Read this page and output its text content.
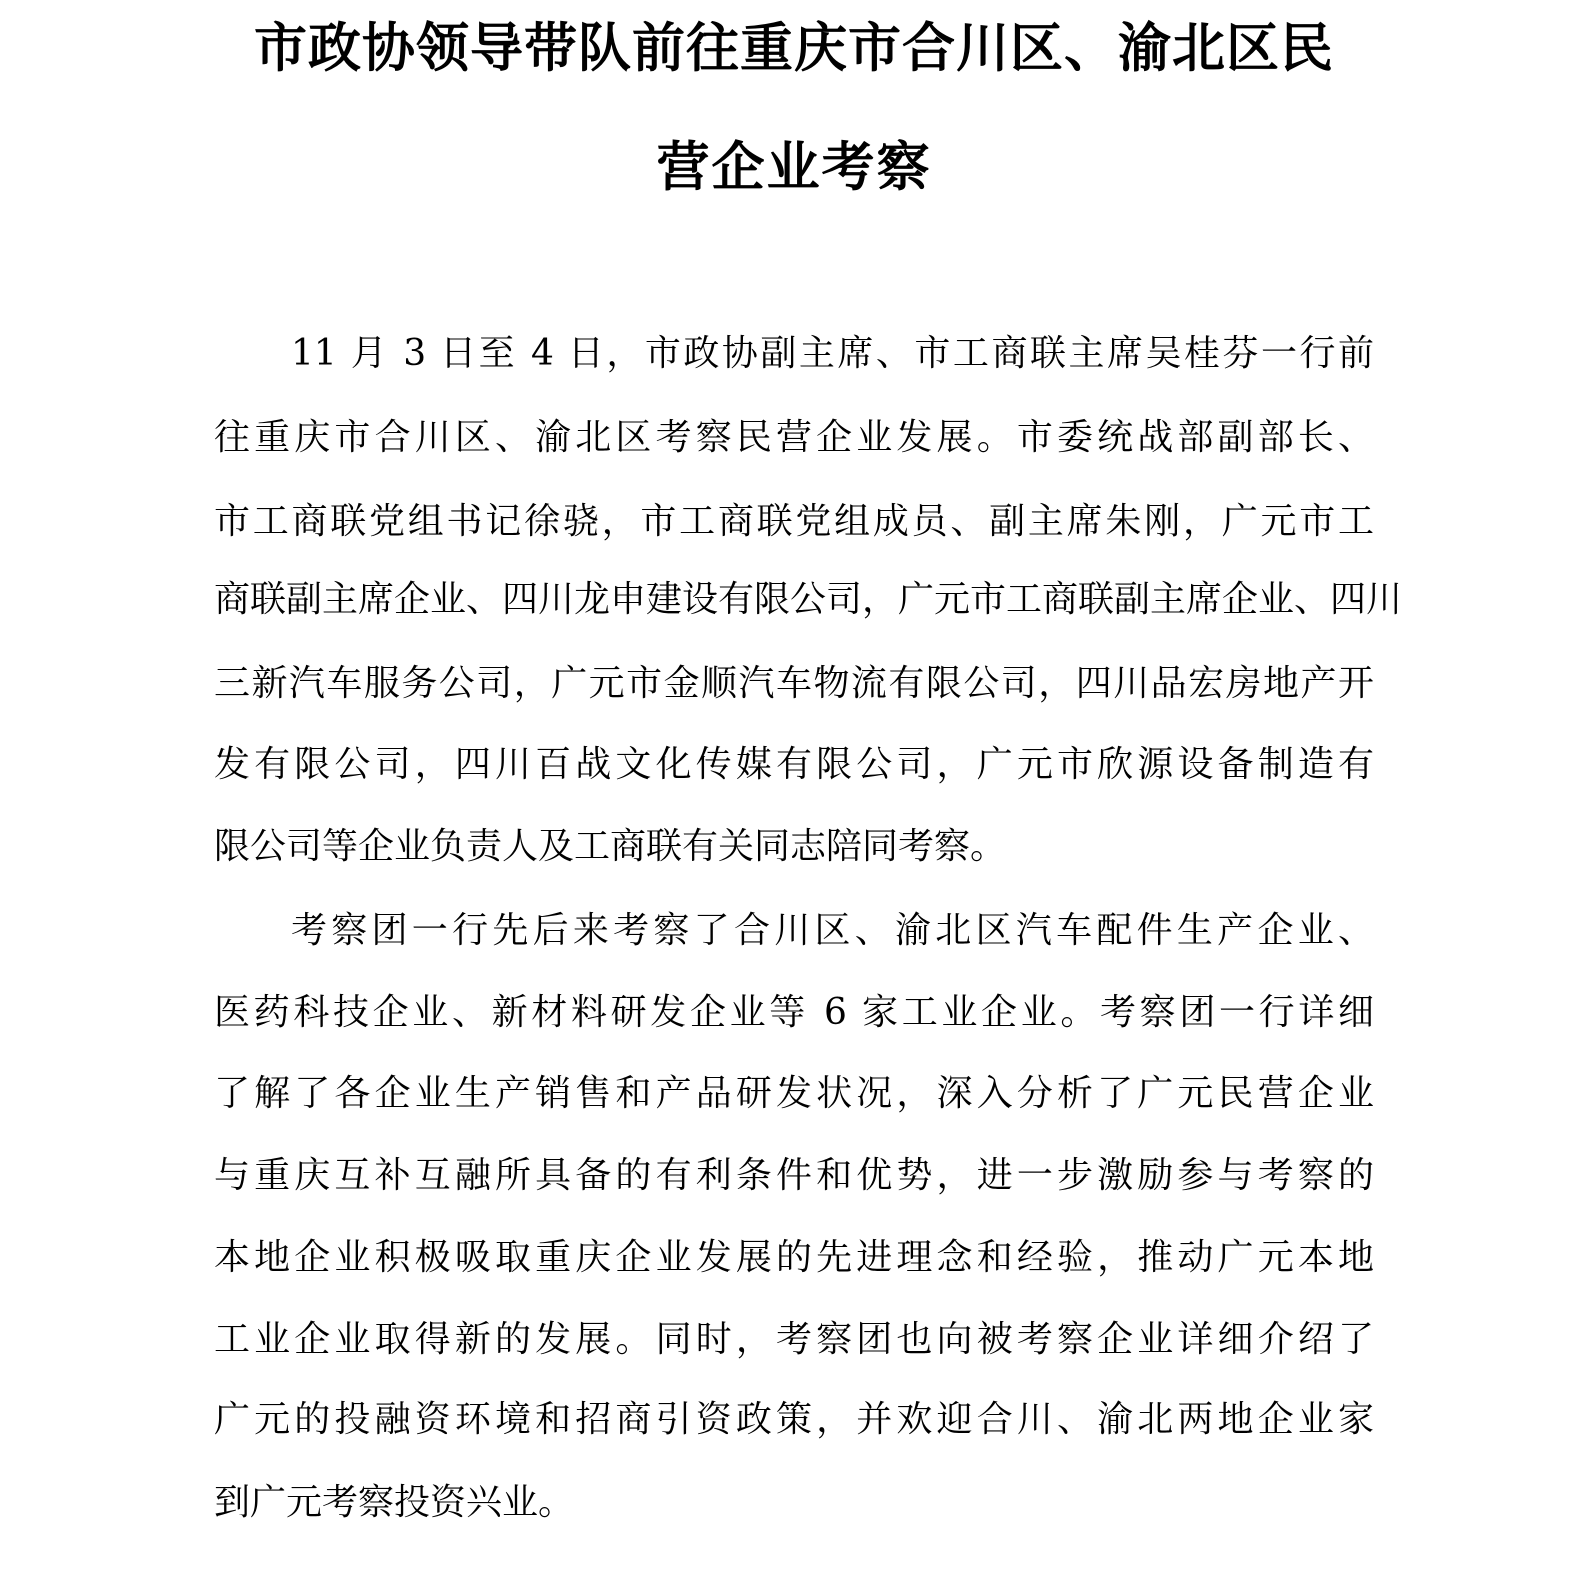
市政协领导带队前往重庆市合川区、渝北区民
营企业考察

11 月 3 日至 4 日，市政协副主席、市工商联主席吴桂芬一行前

往重庆市合川区、渝北区考察民营企业发展。市委统战部副部长、

市工商联党组书记徐骁，市工商联党组成员、副主席朱刚，广元市工

商联副主席企业、四川龙申建设有限公司，广元市工商联副主席企业、四川

三新汽车服务公司，广元市金顺汽车物流有限公司，四川品宏房地产开

发有限公司，四川百战文化传媒有限公司，广元市欣源设备制造有

限公司等企业负责人及工商联有关同志陪同考察。

考察团一行先后来考察了合川区、渝北区汽车配件生产企业、

医药科技企业、新材料研发企业等 6 家工业企业。考察团一行详细

了解了各企业生产销售和产品研发状况，深入分析了广元民营企业

与重庆互补互融所具备的有利条件和优势，进一步激励参与考察的

本地企业积极吸取重庆企业发展的先进理念和经验，推动广元本地

工业企业取得新的发展。同时，考察团也向被考察企业详细介绍了

广元的投融资环境和招商引资政策，并欢迎合川、渝北两地企业家

到广元考察投资兴业。
